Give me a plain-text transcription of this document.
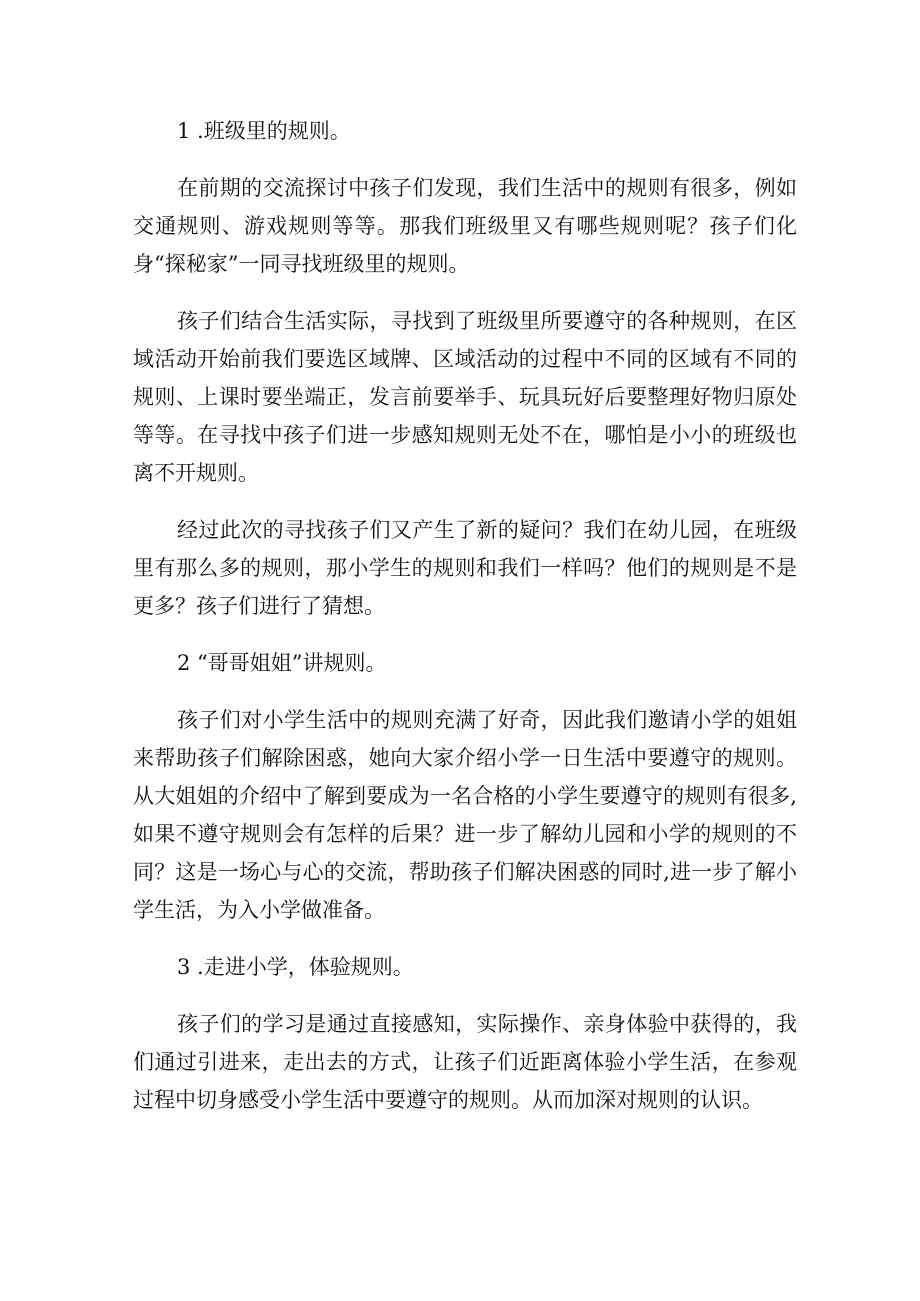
1 .班级里的规则。

在前期的交流探讨中孩子们发现，我们生活中的规则有很多，例如交通规则、游戏规则等等。那我们班级里又有哪些规则呢？孩子们化身“探秘家”一同寻找班级里的规则。

孩子们结合生活实际，寻找到了班级里所要遵守的各种规则，在区域活动开始前我们要选区域牌、区域活动的过程中不同的区域有不同的规则、上课时要坐端正，发言前要举手、玩具玩好后要整理好物归原处等等。在寻找中孩子们进一步感知规则无处不在，哪怕是小小的班级也离不开规则。

经过此次的寻找孩子们又产生了新的疑问？我们在幼儿园，在班级里有那么多的规则，那小学生的规则和我们一样吗？他们的规则是不是更多？孩子们进行了猜想。

2 “哥哥姐姐”讲规则。

孩子们对小学生活中的规则充满了好奇，因此我们邀请小学的姐姐来帮助孩子们解除困惑，她向大家介绍小学一日生活中要遵守的规则。从大姐姐的介绍中了解到要成为一名合格的小学生要遵守的规则有很多,如果不遵守规则会有怎样的后果？进一步了解幼儿园和小学的规则的不同？这是一场心与心的交流，帮助孩子们解决困惑的同时,进一步了解小学生活，为入小学做准备。

3 .走进小学，体验规则。

孩子们的学习是通过直接感知，实际操作、亲身体验中获得的，我们通过引进来，走出去的方式，让孩子们近距离体验小学生活，在参观过程中切身感受小学生活中要遵守的规则。从而加深对规则的认识。
